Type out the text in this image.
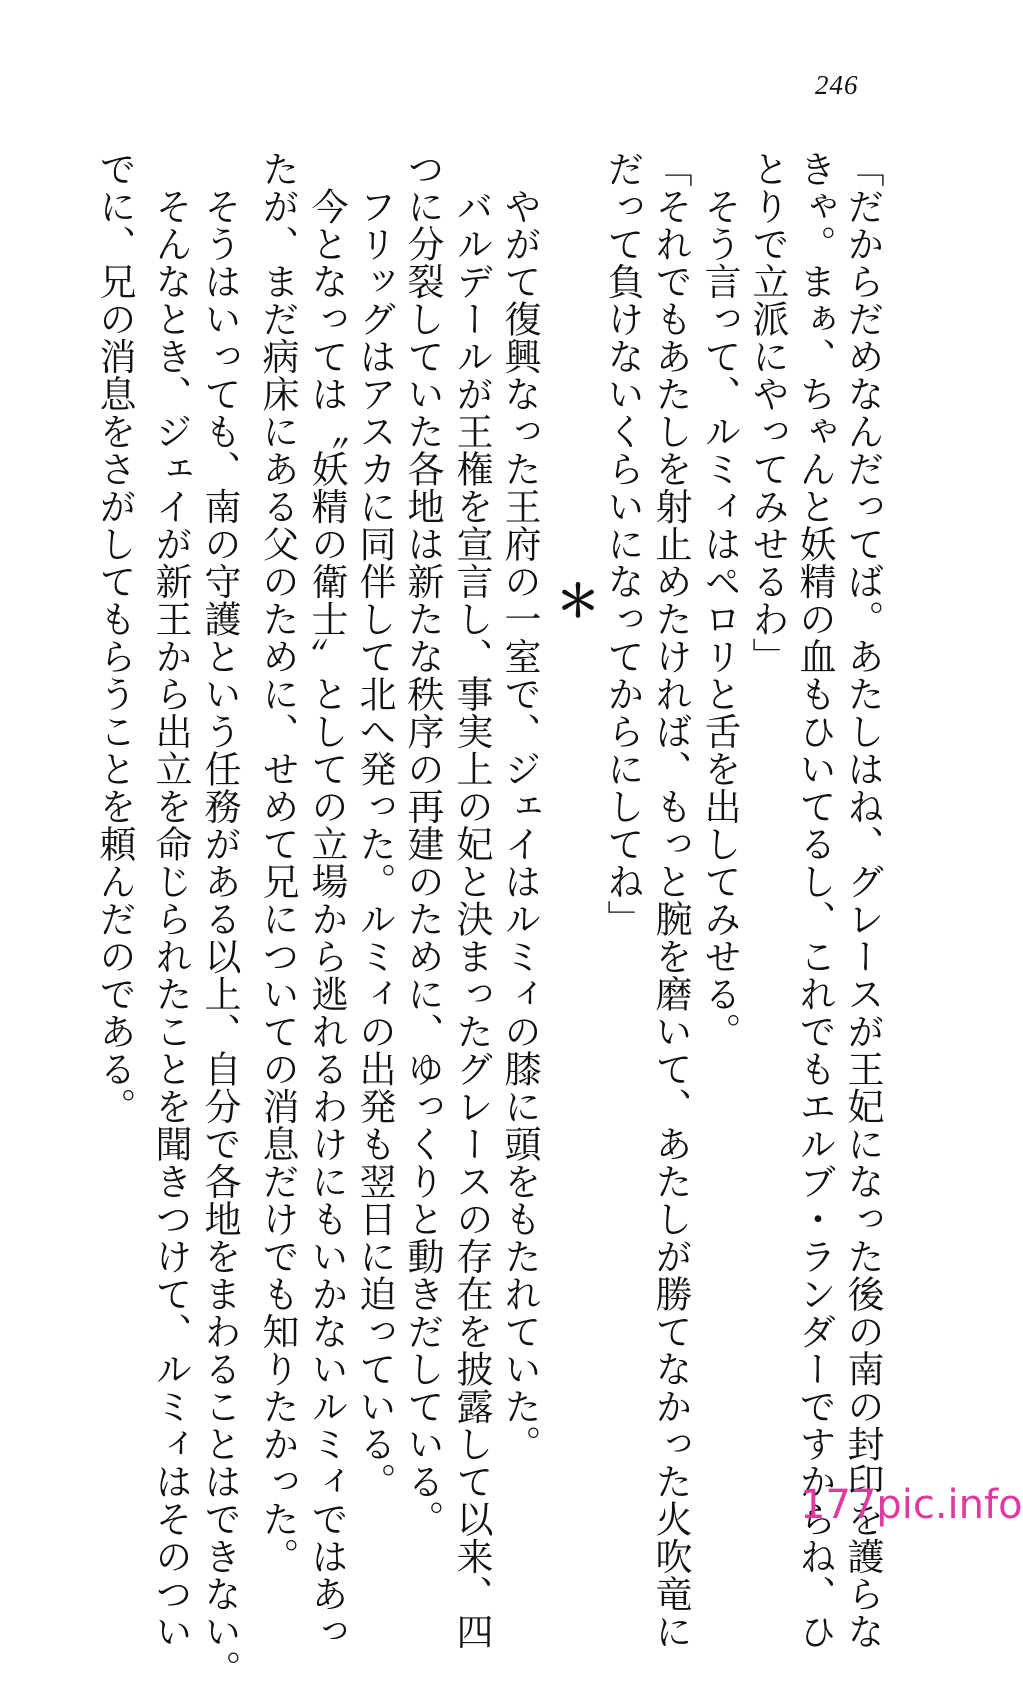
246
「だからだめなんだってば。あたしはね、グレースが王妃になった後の南の封印を護らな
きゃ。まぁ、ちゃんと妖精の血もひいてるし、これでもエルブ・ランダーですからね、ひ
とりで立派にやってみせるわ」
　そう言って、ルミィはペロリと舌を出してみせる。
「それでもあたしを射止めたければ、もっと腕を磨いて、あたしが勝てなかった火吹竜に
だって負けないくらいになってからにしてね」
＊
　やがて復興なった王府の一室で、ジェイはルミィの膝に頭をもたれていた。
　バルデールが王権を宣言し、事実上の妃と決まったグレースの存在を披露して以来、四
つに分裂していた各地は新たな秩序の再建のために、ゆっくりと動きだしている。
　フリッグはアスカに同伴して北へ発った。ルミィの出発も翌日に迫っている。
　今となっては〝妖精の衛士〟としての立場から逃れるわけにもいかないルミィではあっ
たが、まだ病床にある父のために、せめて兄についての消息だけでも知りたかった。
　そうはいっても、南の守護という任務がある以上、自分で各地をまわることはできない。
　そんなとき、ジェイが新王から出立を命じられたことを聞きつけて、ルミィはそのつい
でに、兄の消息をさがしてもらうことを頼んだのである。
177pic.info
